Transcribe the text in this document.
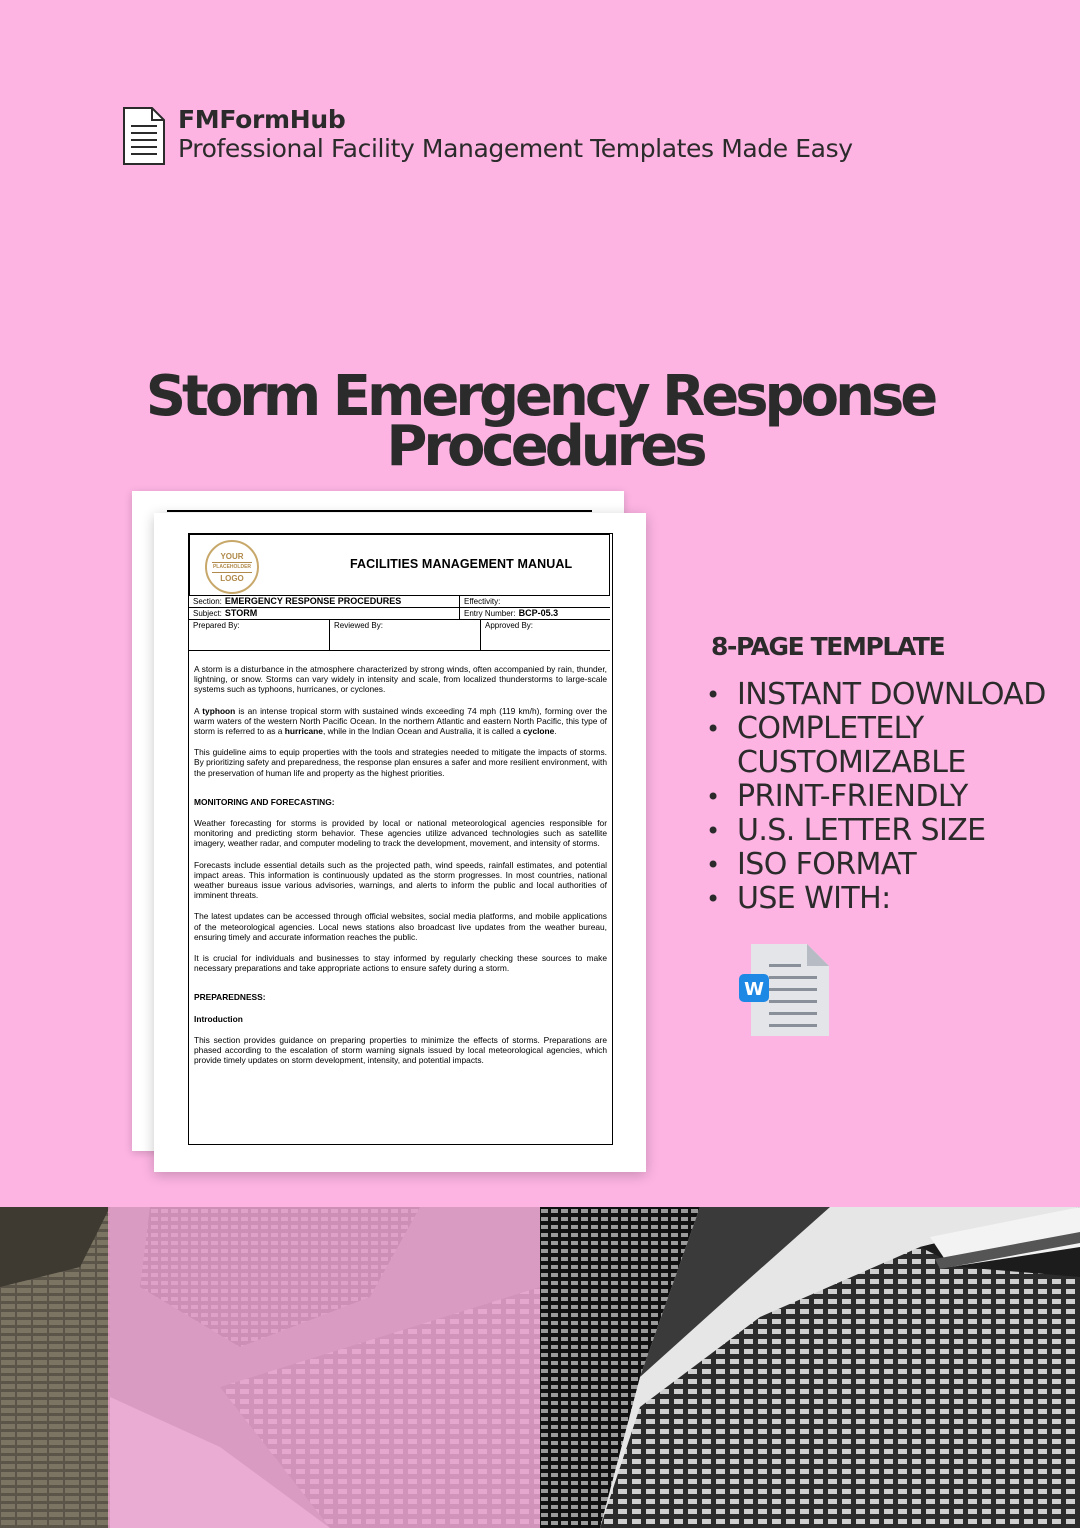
FMFormHub
Professional Facility Management Templates Made Easy
Storm Emergency Response
Procedures
YOUR
PLACEHOLDER
LOGO
FACILITIES MANAGEMENT MANUAL
Section: EMERGENCY RESPONSE PROCEDURES	Effectivity:
Subject: STORM	Entry Number: BCP-05.3
Prepared By:	Reviewed By:	Approved By:

A storm is a disturbance in the atmosphere characterized by strong winds, often accompanied by rain, thunder, lightning, or snow. Storms can vary widely in intensity and scale, from localized thunderstorms to large-scale systems such as typhoons, hurricanes, or cyclones.

A typhoon is an intense tropical storm with sustained winds exceeding 74 mph (119 km/h), forming over the warm waters of the western North Pacific Ocean. In the northern Atlantic and eastern North Pacific, this type of storm is referred to as a hurricane, while in the Indian Ocean and Australia, it is called a cyclone.

This guideline aims to equip properties with the tools and strategies needed to mitigate the impacts of storms. By prioritizing safety and preparedness, the response plan ensures a safer and more resilient environment, with the preservation of human life and property as the highest priorities.

MONITORING AND FORECASTING:

Weather forecasting for storms is provided by local or national meteorological agencies responsible for monitoring and predicting storm behavior. These agencies utilize advanced technologies such as satellite imagery, weather radar, and computer modeling to track the development, movement, and intensity of storms.

Forecasts include essential details such as the projected path, wind speeds, rainfall estimates, and potential impact areas. This information is continuously updated as the storm progresses. In most countries, national weather bureaus issue various advisories, warnings, and alerts to inform the public and local authorities of imminent threats.

The latest updates can be accessed through official websites, social media platforms, and mobile applications of the meteorological agencies. Local news stations also broadcast live updates from the weather bureau, ensuring timely and accurate information reaches the public.

It is crucial for individuals and businesses to stay informed by regularly checking these sources to make necessary preparations and take appropriate actions to ensure safety during a storm.

PREPAREDNESS:
Introduction

This section provides guidance on preparing properties to minimize the effects of storms. Preparations are phased according to the escalation of storm warning signals issued by local meteorological agencies, which provide timely updates on storm development, intensity, and potential impacts.

8-PAGE TEMPLATE
• INSTANT DOWNLOAD
• COMPLETELY CUSTOMIZABLE
• PRINT-FRIENDLY
• U.S. LETTER SIZE
• ISO FORMAT
• USE WITH:
W
